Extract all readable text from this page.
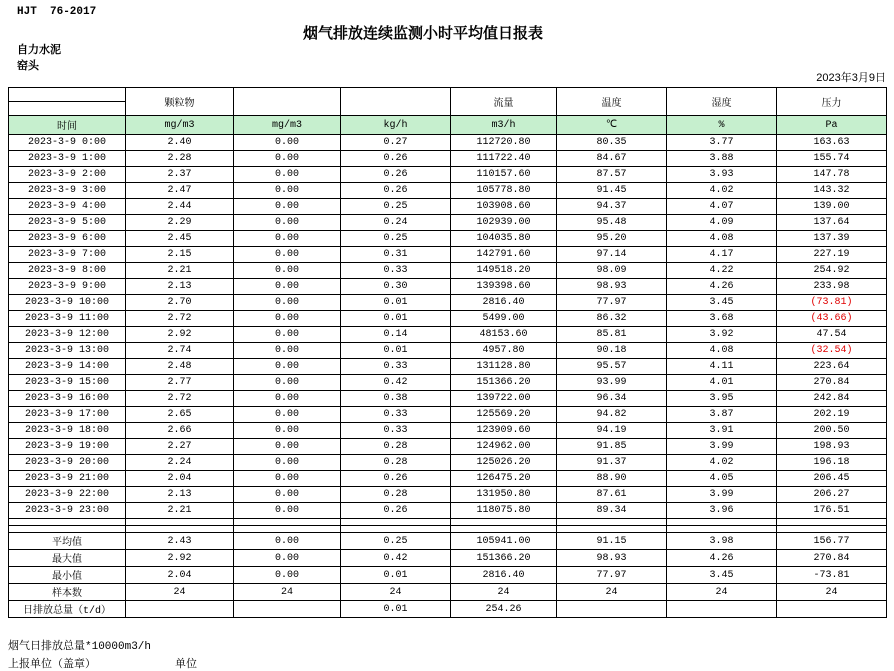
HJT  76-2017
烟气排放连续监测小时平均值日报表
自力水泥
窑头
2023年3月9日
	颗粒物			流量	温度	湿度	压力

时间	mg/m3	mg/m3	kg/h	m3/h	℃	%	Pa
2023-3-9 0:00	2.40	0.00	0.27	112720.80	80.35	3.77	163.63
2023-3-9 1:00	2.28	0.00	0.26	111722.40	84.67	3.88	155.74
2023-3-9 2:00	2.37	0.00	0.26	110157.60	87.57	3.93	147.78
2023-3-9 3:00	2.47	0.00	0.26	105778.80	91.45	4.02	143.32
2023-3-9 4:00	2.44	0.00	0.25	103908.60	94.37	4.07	139.00
2023-3-9 5:00	2.29	0.00	0.24	102939.00	95.48	4.09	137.64
2023-3-9 6:00	2.45	0.00	0.25	104035.80	95.20	4.08	137.39
2023-3-9 7:00	2.15	0.00	0.31	142791.60	97.14	4.17	227.19
2023-3-9 8:00	2.21	0.00	0.33	149518.20	98.09	4.22	254.92
2023-3-9 9:00	2.13	0.00	0.30	139398.60	98.93	4.26	233.98
2023-3-9 10:00	2.70	0.00	0.01	2816.40	77.97	3.45	(73.81)
2023-3-9 11:00	2.72	0.00	0.01	5499.00	86.32	3.68	(43.66)
2023-3-9 12:00	2.92	0.00	0.14	48153.60	85.81	3.92	47.54
2023-3-9 13:00	2.74	0.00	0.01	4957.80	90.18	4.08	(32.54)
2023-3-9 14:00	2.48	0.00	0.33	131128.80	95.57	4.11	223.64
2023-3-9 15:00	2.77	0.00	0.42	151366.20	93.99	4.01	270.84
2023-3-9 16:00	2.72	0.00	0.38	139722.00	96.34	3.95	242.84
2023-3-9 17:00	2.65	0.00	0.33	125569.20	94.82	3.87	202.19
2023-3-9 18:00	2.66	0.00	0.33	123909.60	94.19	3.91	200.50
2023-3-9 19:00	2.27	0.00	0.28	124962.00	91.85	3.99	198.93
2023-3-9 20:00	2.24	0.00	0.28	125026.20	91.37	4.02	196.18
2023-3-9 21:00	2.04	0.00	0.26	126475.20	88.90	4.05	206.45
2023-3-9 22:00	2.13	0.00	0.28	131950.80	87.61	3.99	206.27
2023-3-9 23:00	2.21	0.00	0.26	118075.80	89.34	3.96	176.51

平均值	2.43	0.00	0.25	105941.00	91.15	3.98	156.77
最大值	2.92	0.00	0.42	151366.20	98.93	4.26	270.84
最小值	2.04	0.00	0.01	2816.40	77.97	3.45	-73.81
样本数	24	24	24	24	24	24	24
日排放总量（t/d）			0.01	254.26			
烟气日排放总量*10000m3/h
上报单位（盖章）	单位
